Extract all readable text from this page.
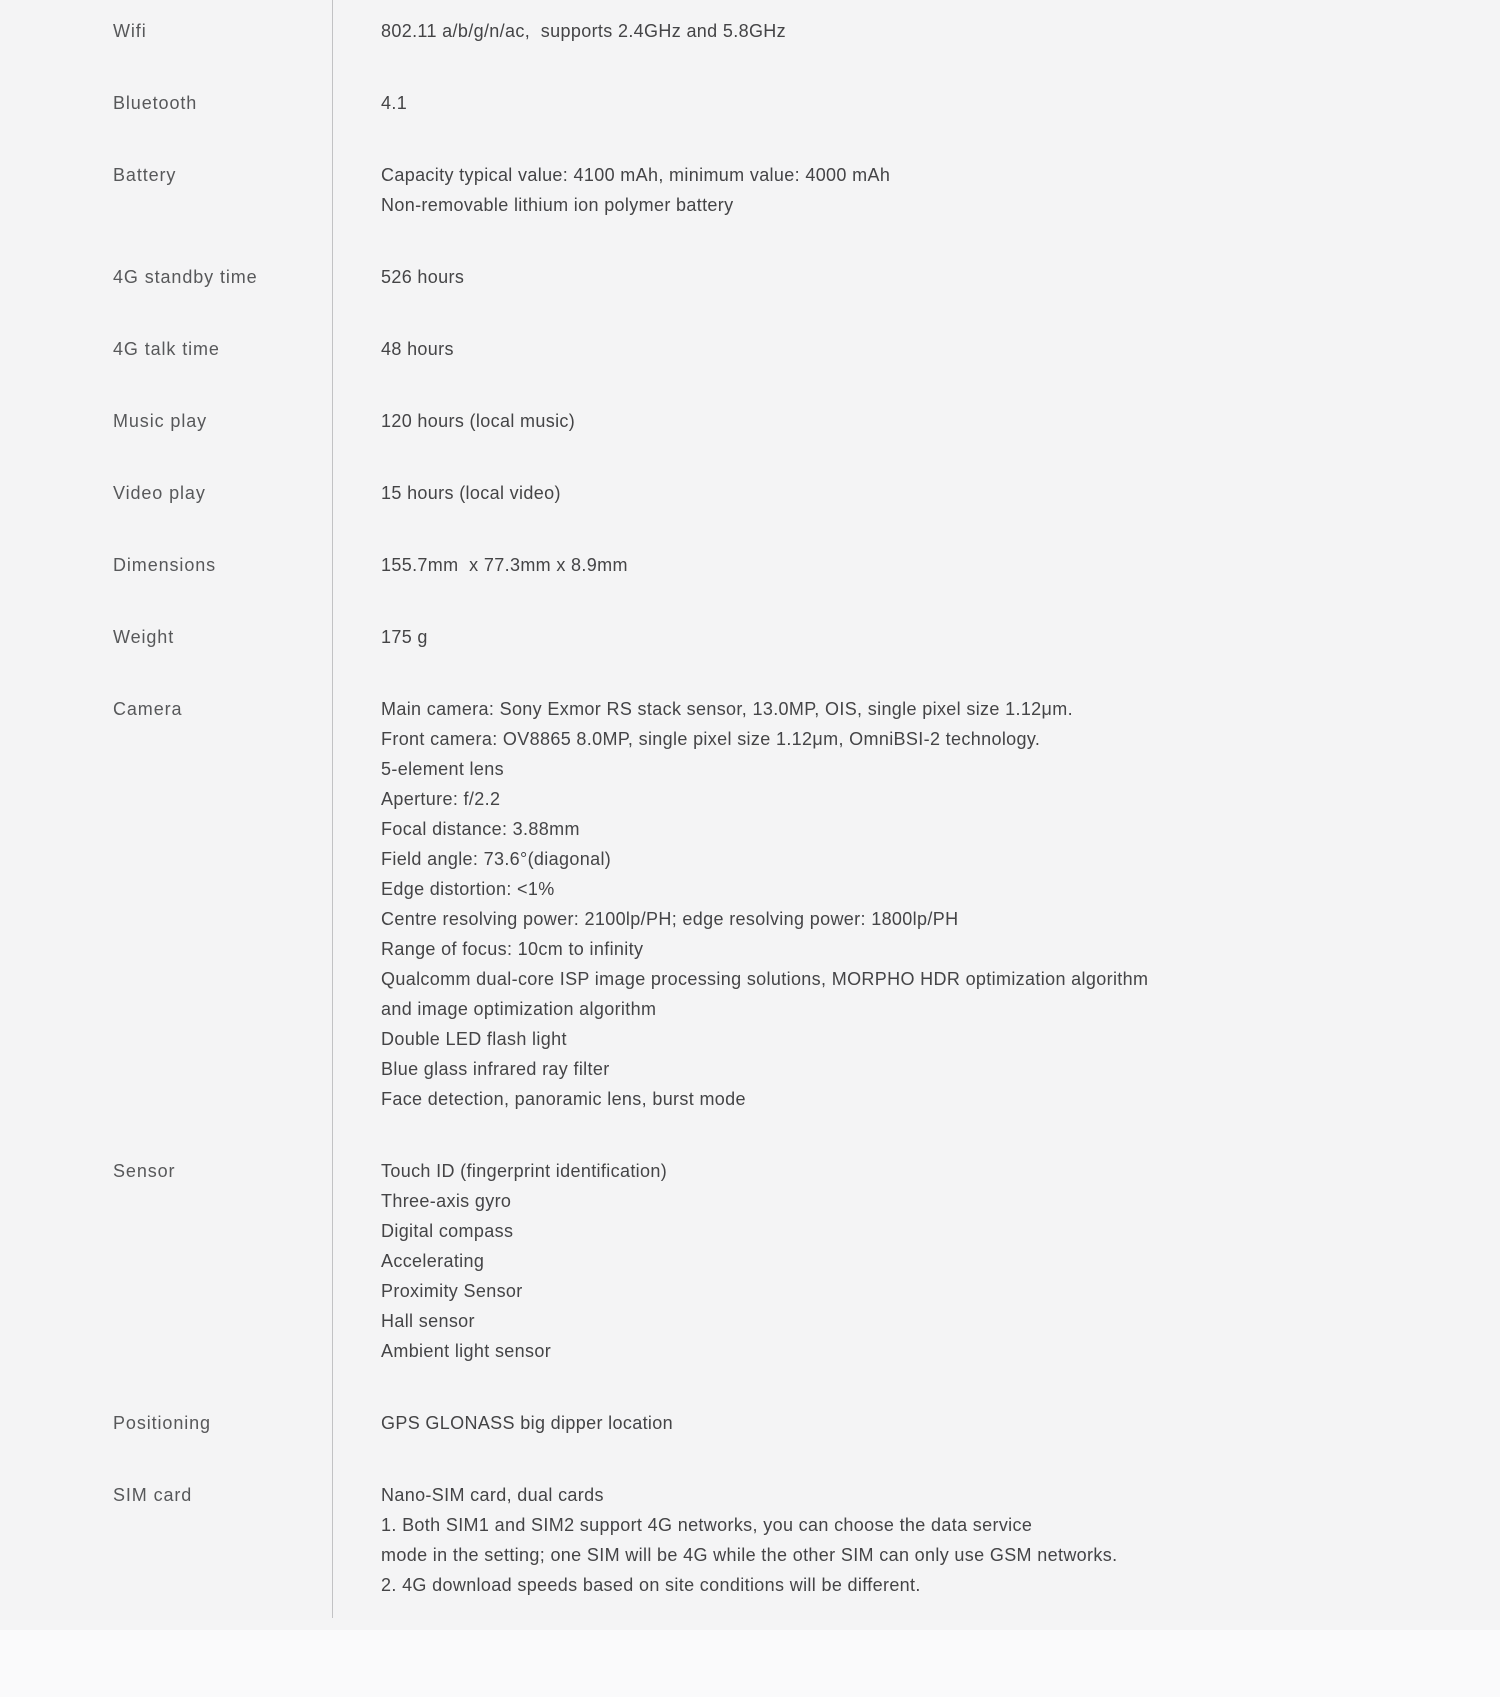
Wifi	802.11 a/b/g/n/ac,  supports 2.4GHz and 5.8GHz
Bluetooth	4.1
Battery	Capacity typical value: 4100 mAh, minimum value: 4000 mAh
Non-removable lithium ion polymer battery
4G standby time	526 hours
4G talk time	48 hours
Music play	120 hours (local music)
Video play	15 hours (local video)
Dimensions	155.7mm  x 77.3mm x 8.9mm
Weight	175 g
Camera	Main camera: Sony Exmor RS stack sensor, 13.0MP, OIS, single pixel size 1.12μm.
Front camera: OV8865 8.0MP, single pixel size 1.12μm, OmniBSI-2 technology.
5-element lens
Aperture: f/2.2
Focal distance: 3.88mm
Field angle: 73.6°(diagonal)
Edge distortion: <1%
Centre resolving power: 2100lp/PH; edge resolving power: 1800lp/PH
Range of focus: 10cm to infinity
Qualcomm dual-core ISP image processing solutions, MORPHO HDR optimization algorithm
and image optimization algorithm
Double LED flash light
Blue glass infrared ray filter
Face detection, panoramic lens, burst mode
Sensor	Touch ID (fingerprint identification)
Three-axis gyro
Digital compass
Accelerating
Proximity Sensor
Hall sensor
Ambient light sensor
Positioning	GPS GLONASS big dipper location
SIM card	Nano-SIM card, dual cards
1. Both SIM1 and SIM2 support 4G networks, you can choose the data service
mode in the setting; one SIM will be 4G while the other SIM can only use GSM networks.
2. 4G download speeds based on site conditions will be different.
